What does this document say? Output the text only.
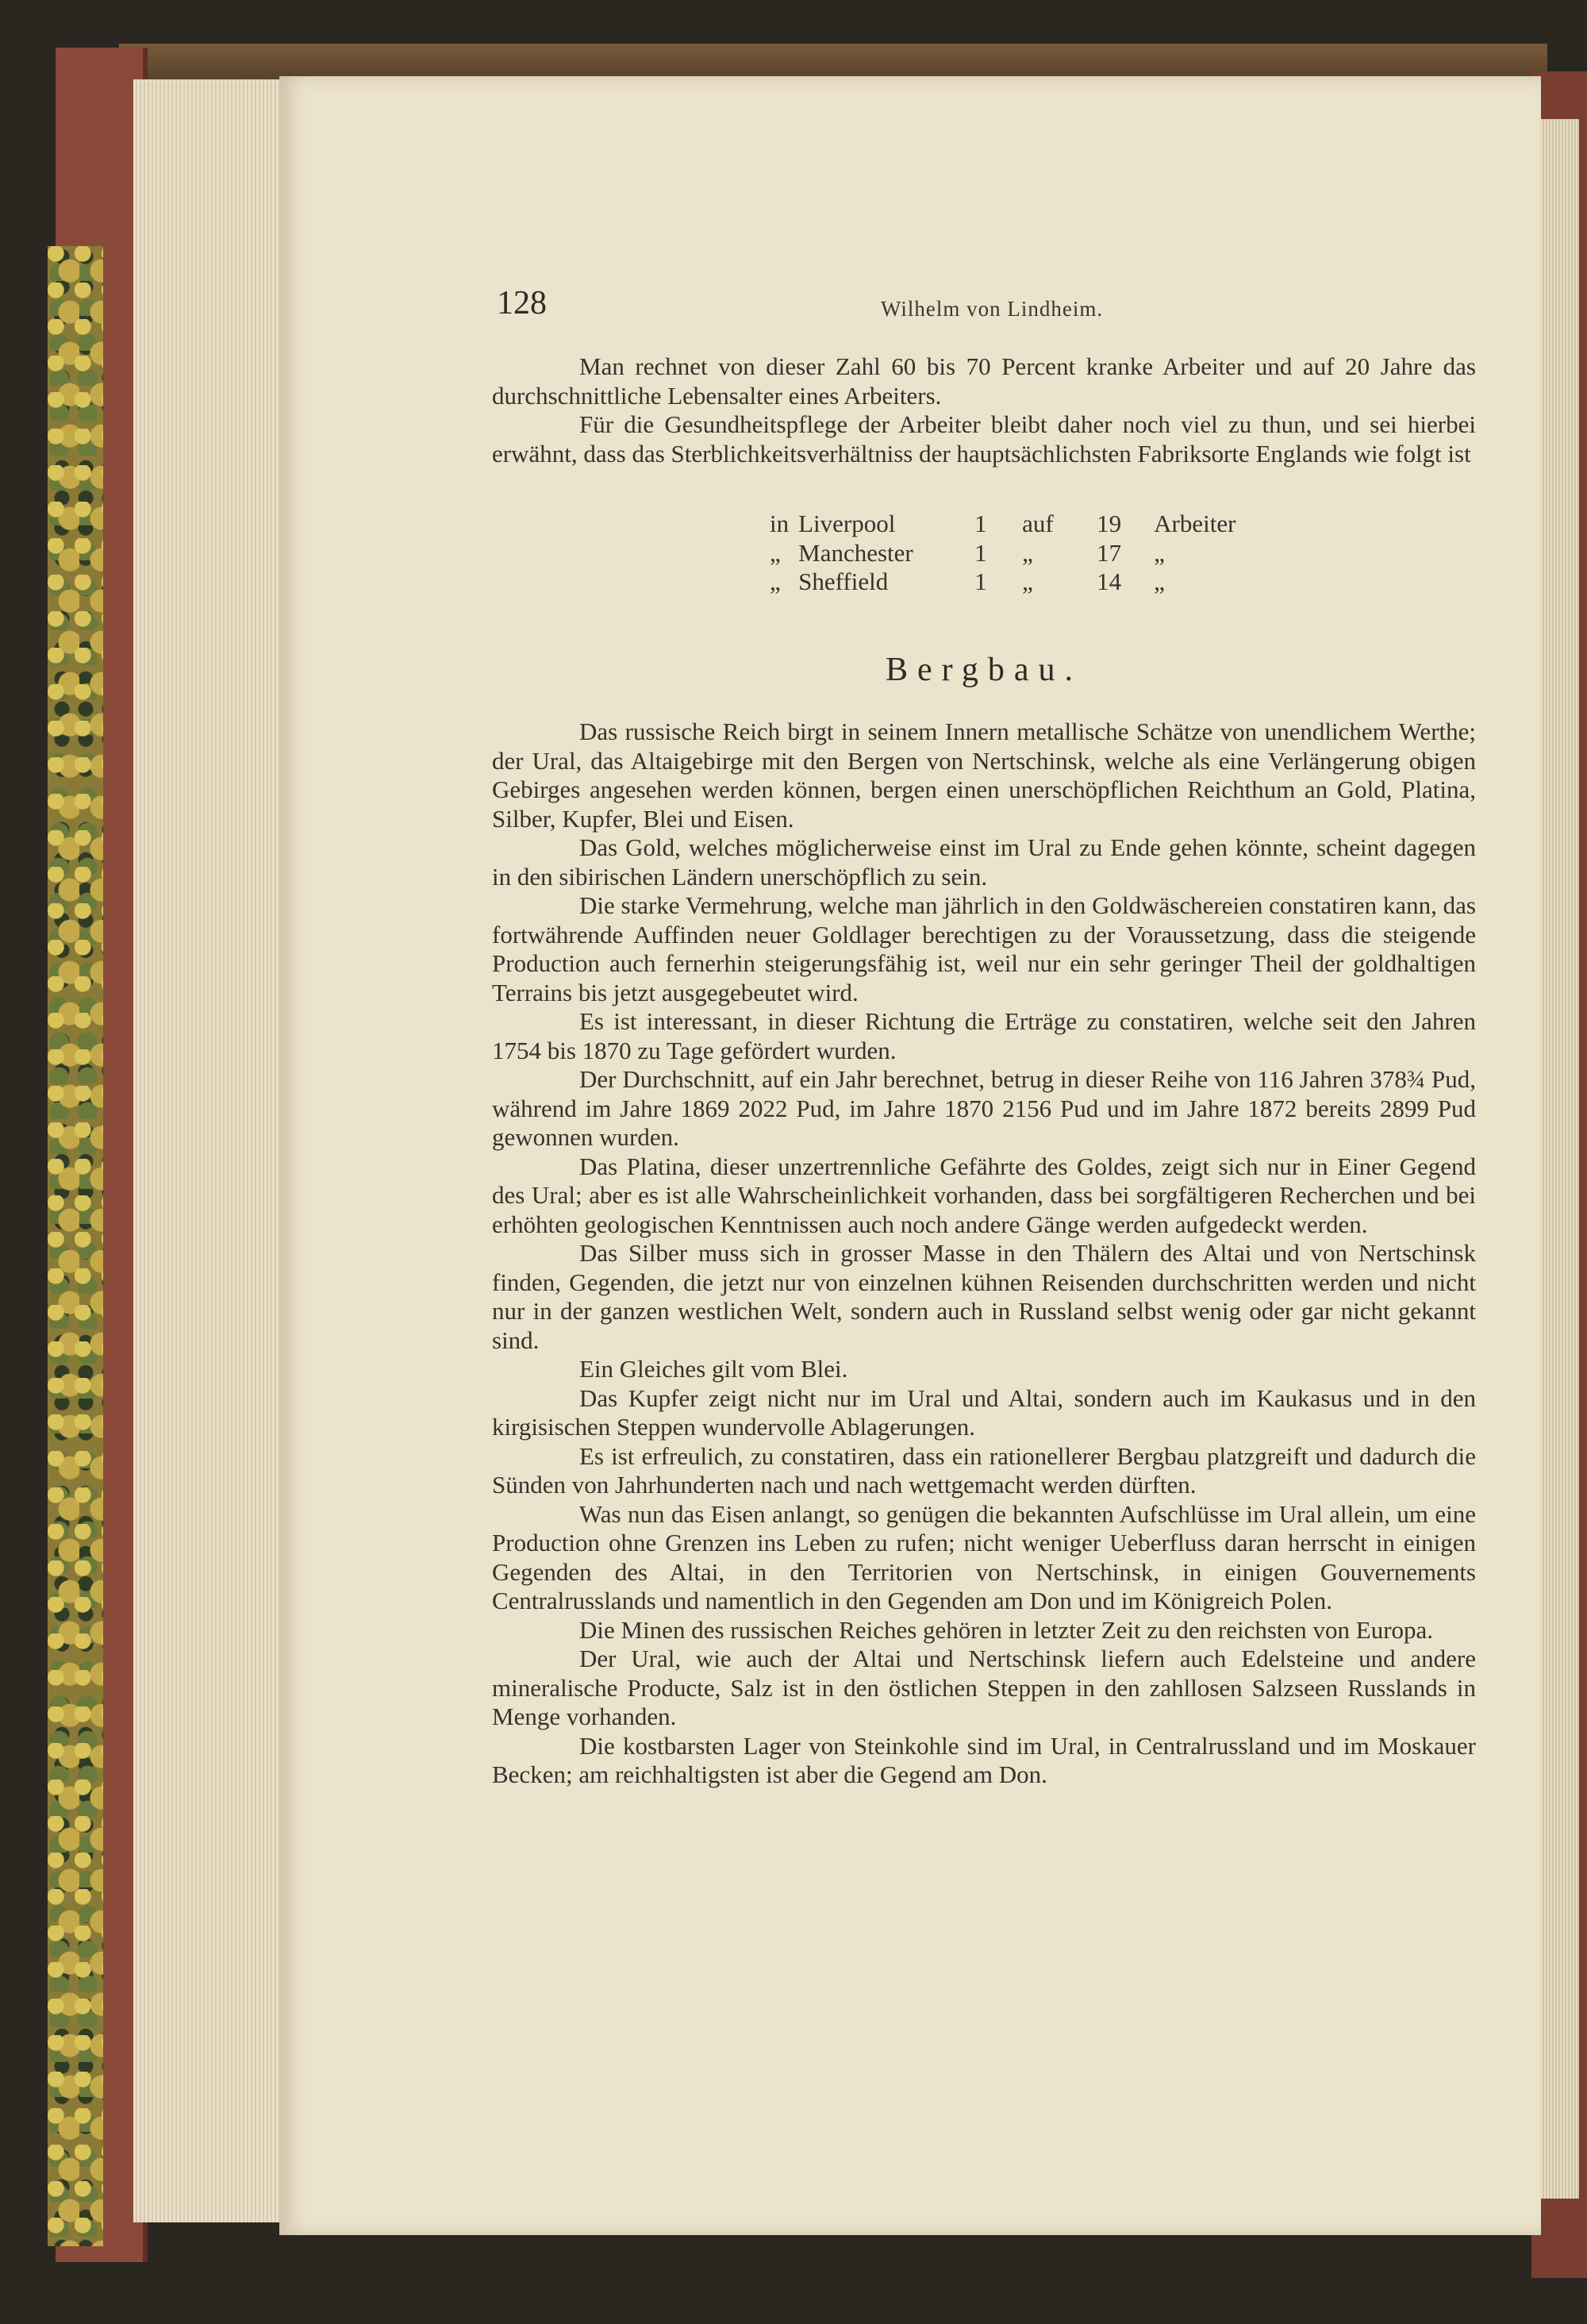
128	Wilhelm von Lindheim.

Man rechnet von dieser Zahl 60 bis 70 Percent kranke Arbeiter und auf 20 Jahre das durchschnittliche Lebensalter eines Arbeiters.

Für die Gesundheitspflege der Arbeiter bleibt daher noch viel zu thun, und sei hierbei erwähnt, dass das Sterblichkeitsverhältniss der hauptsächlichsten Fabriksorte Englands wie folgt ist

in	Liverpool	1	auf	19	Arbeiter
„	Manchester	1	„	17	„
„	Sheffield	1	„	14	„
Bergbau.

Das russische Reich birgt in seinem Innern metallische Schätze von unendlichem Werthe; der Ural, das Altaigebirge mit den Bergen von Nertschinsk, welche als eine Verlängerung obigen Gebirges angesehen werden können, bergen einen unerschöpflichen Reichthum an Gold, Platina, Silber, Kupfer, Blei und Eisen.

Das Gold, welches möglicherweise einst im Ural zu Ende gehen könnte, scheint dagegen in den sibirischen Ländern unerschöpflich zu sein.

Die starke Vermehrung, welche man jährlich in den Goldwäschereien constatiren kann, das fortwährende Auffinden neuer Goldlager berechtigen zu der Voraussetzung, dass die steigende Production auch fernerhin steigerungsfähig ist, weil nur ein sehr geringer Theil der goldhaltigen Terrains bis jetzt ausgegebeutet wird.

Es ist interessant, in dieser Richtung die Erträge zu constatiren, welche seit den Jahren 1754 bis 1870 zu Tage gefördert wurden.

Der Durchschnitt, auf ein Jahr berechnet, betrug in dieser Reihe von 116 Jahren 378¾ Pud, während im Jahre 1869 2022 Pud, im Jahre 1870 2156 Pud und im Jahre 1872 bereits 2899 Pud gewonnen wurden.

Das Platina, dieser unzertrennliche Gefährte des Goldes, zeigt sich nur in Einer Gegend des Ural; aber es ist alle Wahrscheinlichkeit vorhanden, dass bei sorgfältigeren Recherchen und bei erhöhten geologischen Kenntnissen auch noch andere Gänge werden aufgedeckt werden.

Das Silber muss sich in grosser Masse in den Thälern des Altai und von Nertschinsk finden, Gegenden, die jetzt nur von einzelnen kühnen Reisenden durchschritten werden und nicht nur in der ganzen westlichen Welt, sondern auch in Russland selbst wenig oder gar nicht gekannt sind.

Ein Gleiches gilt vom Blei.

Das Kupfer zeigt nicht nur im Ural und Altai, sondern auch im Kaukasus und in den kirgisischen Steppen wundervolle Ablagerungen.

Es ist erfreulich, zu constatiren, dass ein rationellerer Bergbau platzgreift und dadurch die Sünden von Jahrhunderten nach und nach wettgemacht werden dürften.

Was nun das Eisen anlangt, so genügen die bekannten Aufschlüsse im Ural allein, um eine Production ohne Grenzen ins Leben zu rufen; nicht weniger Ueberfluss daran herrscht in einigen Gegenden des Altai, in den Territorien von Nertschinsk, in einigen Gouvernements Centralrusslands und namentlich in den Gegenden am Don und im Königreich Polen.

Die Minen des russischen Reiches gehören in letzter Zeit zu den reichsten von Europa.

Der Ural, wie auch der Altai und Nertschinsk liefern auch Edelsteine und andere mineralische Producte, Salz ist in den östlichen Steppen in den zahllosen Salzseen Russlands in Menge vorhanden.

Die kostbarsten Lager von Steinkohle sind im Ural, in Centralrussland und im Moskauer Becken; am reichhaltigsten ist aber die Gegend am Don.
